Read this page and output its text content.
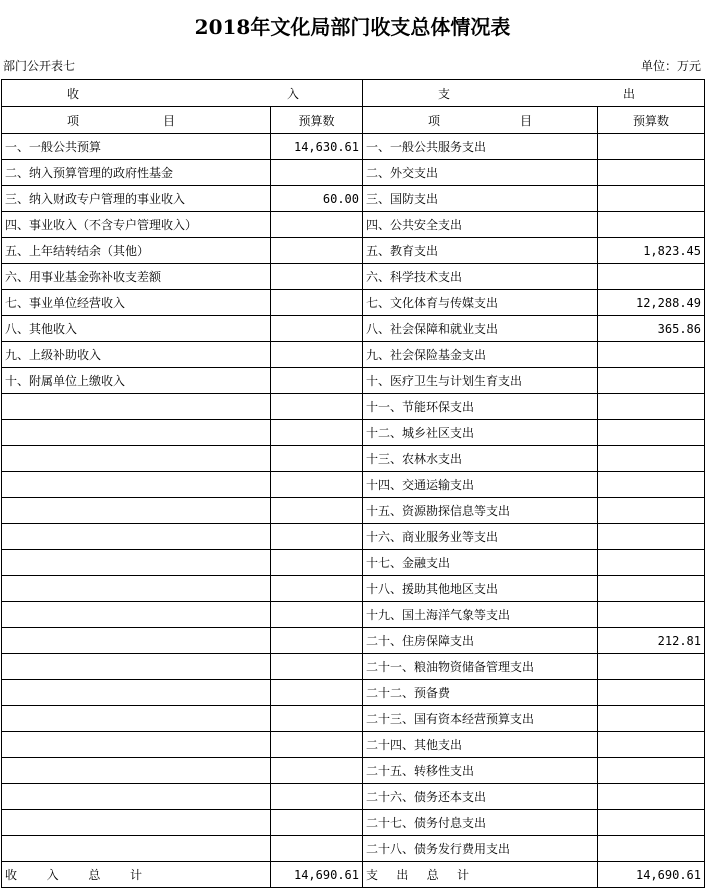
2018年文化局部门收支总体情况表
部门公开表七	单位：万元
收 入		支 出	

项 目	预算数	项 目	预算数
一、一般公共预算	14,630.61	一、一般公共服务支出	
二、纳入预算管理的政府性基金		二、外交支出	
三、纳入财政专户管理的事业收入	60.00	三、国防支出	
四、事业收入（不含专户管理收入）		四、公共安全支出	
五、上年结转结余（其他）		五、教育支出	1,823.45
六、用事业基金弥补收支差额		六、科学技术支出	
七、事业单位经营收入		七、文化体育与传媒支出	12,288.49
八、其他收入		八、社会保障和就业支出	365.86
九、上级补助收入		九、社会保险基金支出	
十、附属单位上缴收入		十、医疗卫生与计划生育支出	
		十一、节能环保支出	
		十二、城乡社区支出	
		十三、农林水支出	
		十四、交通运输支出	
		十五、资源勘探信息等支出	
		十六、商业服务业等支出	
		十七、金融支出	
		十八、援助其他地区支出	
		十九、国土海洋气象等支出	
		二十、住房保障支出	212.81
		二十一、粮油物资储备管理支出	
		二十二、预备费	
		二十三、国有资本经营预算支出	
		二十四、其他支出	
		二十五、转移性支出	
		二十六、债务还本支出	
		二十七、债务付息支出	
		二十八、债务发行费用支出	

收 入 总 计	14,690.61	支 出 总 计	14,690.61
